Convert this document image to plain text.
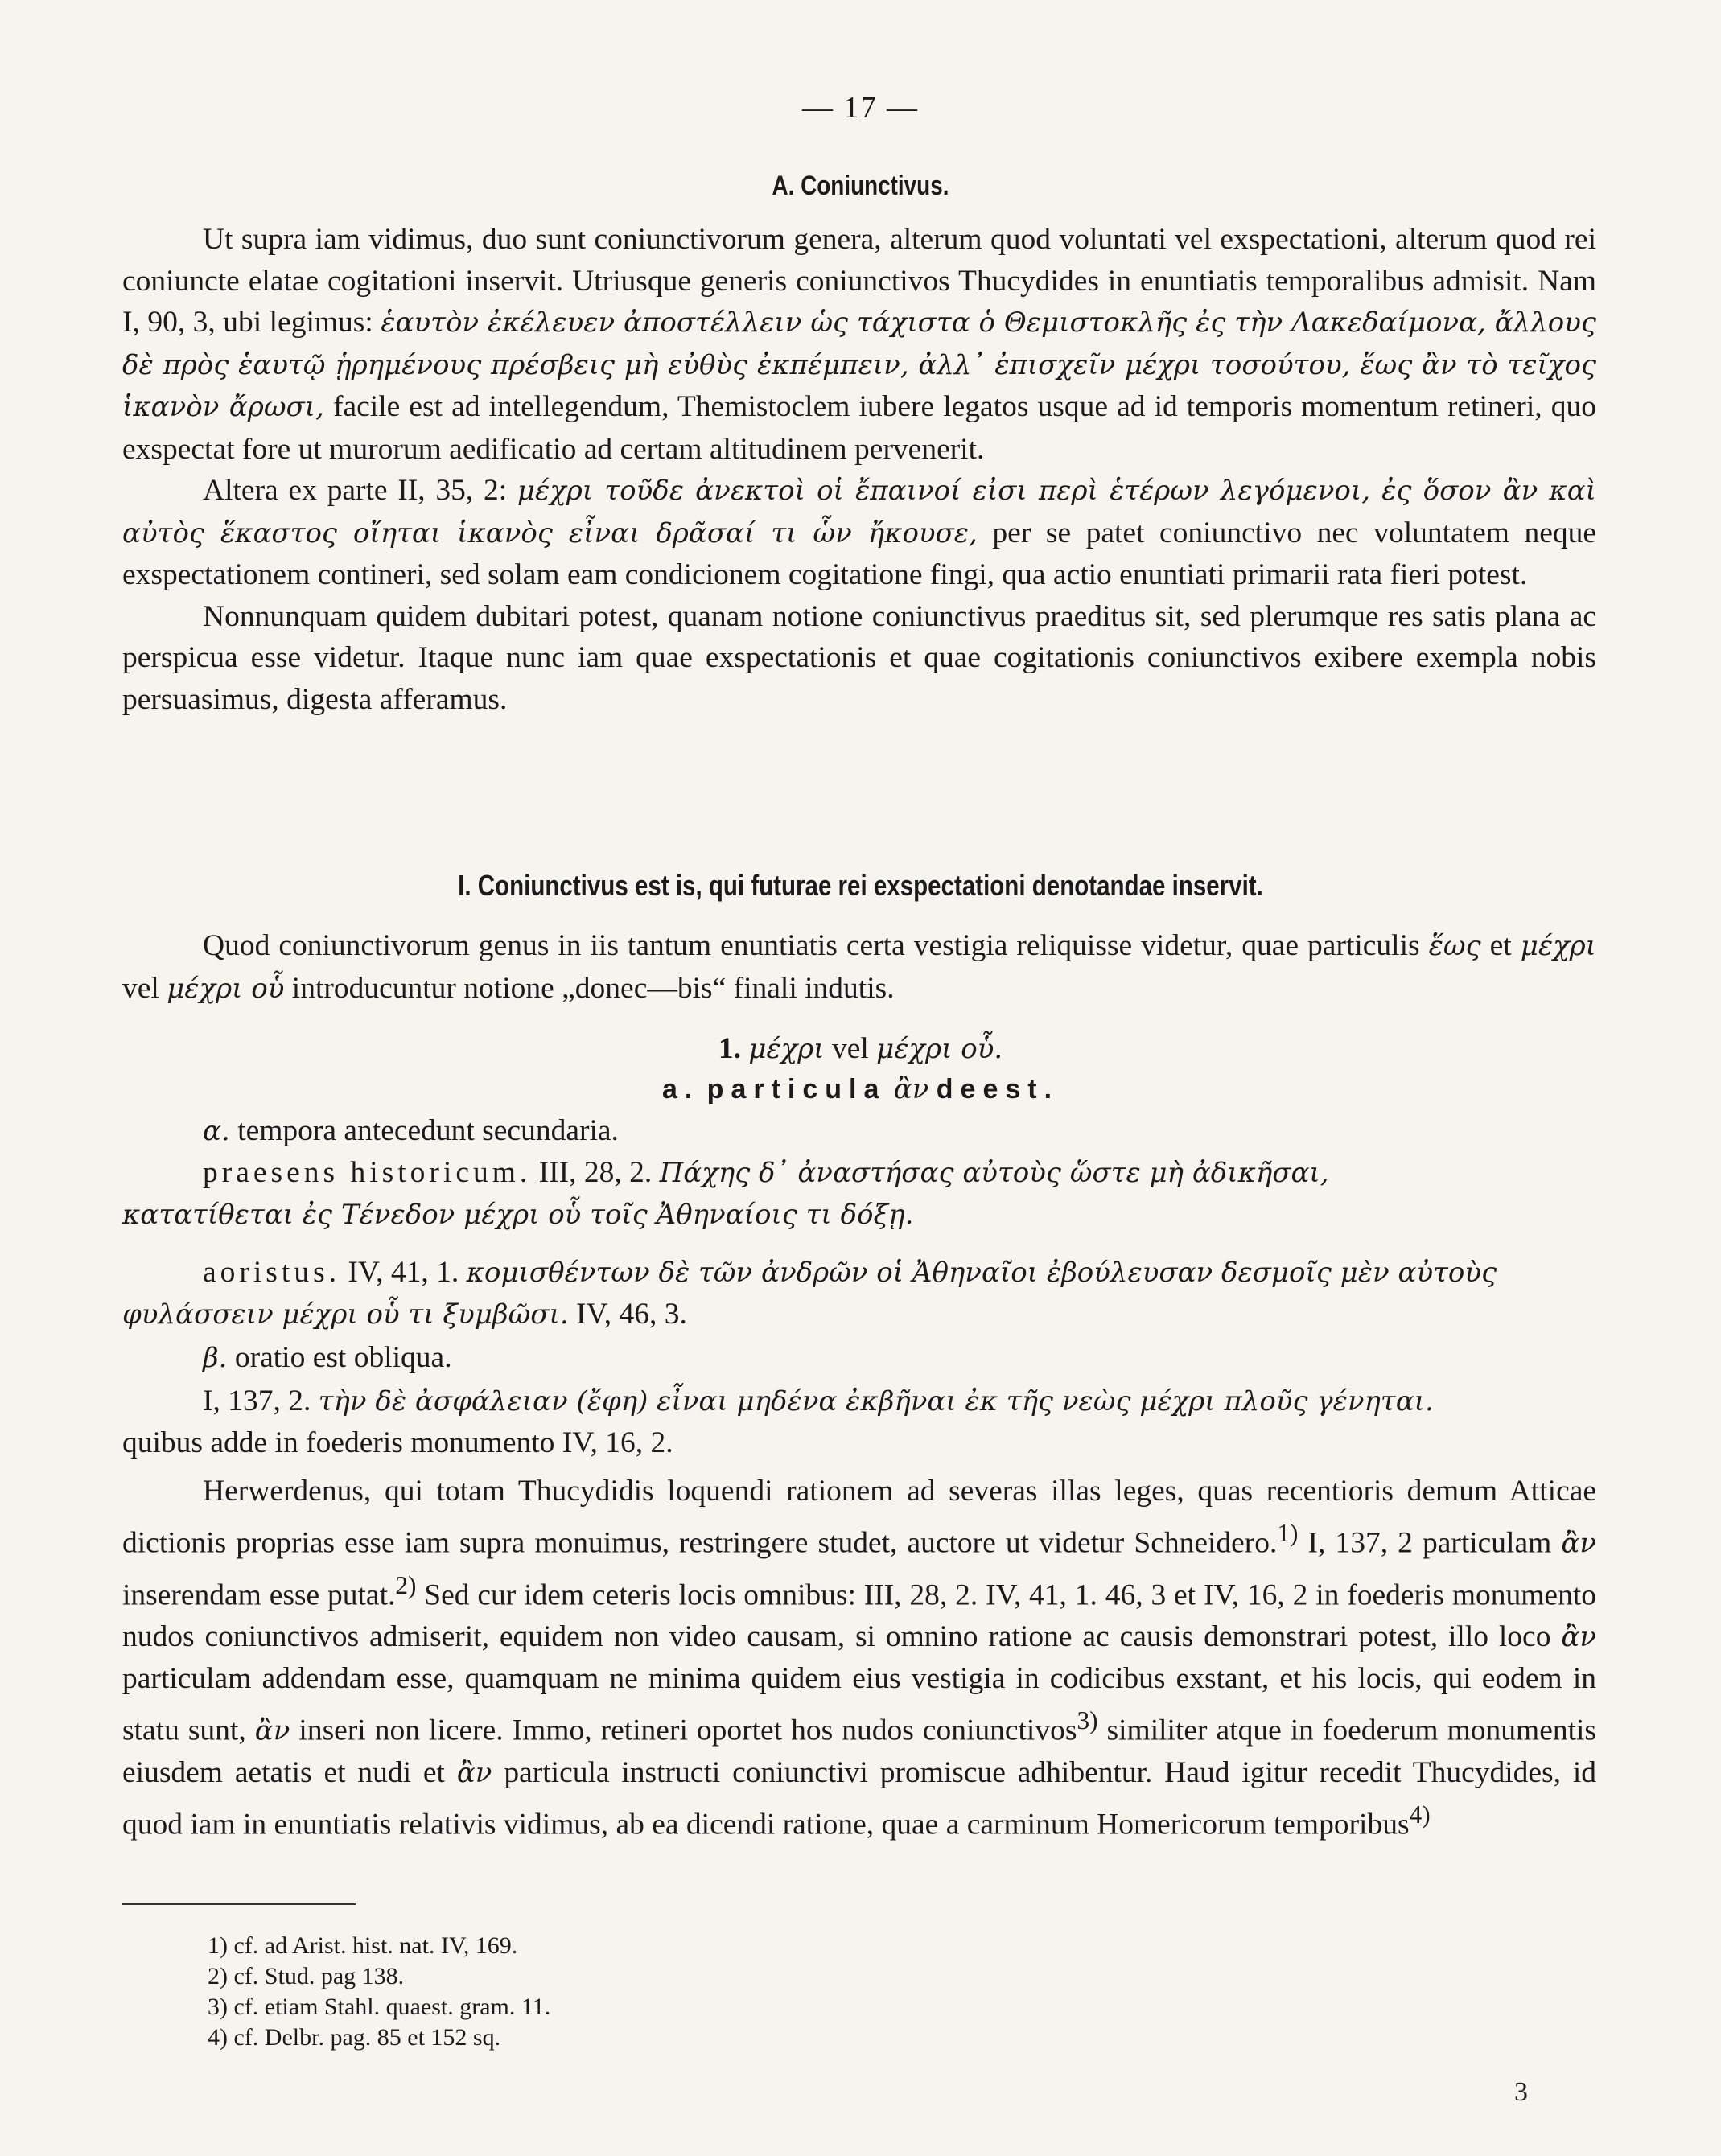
— 17 —
A. Coniunctivus.

Ut supra iam vidimus, duo sunt coniunctivorum genera, alterum quod voluntati vel exspectationi, alterum quod rei coniuncte elatae cogitationi inservit. Utriusque generis coniunctivos Thucydides in enuntiatis temporalibus admisit. Nam I, 90, 3, ubi legimus: ἑαυτὸν ἐκέλευεν ἀποστέλλειν ὡς τάχιστα ὁ Θεμιστοκλῆς ἐς τὴν Λακεδαίμονα, ἄλλους δὲ πρὸς ἑαυτῷ ᾑρημένους πρέσβεις μὴ εὐθὺς ἐκπέμπειν, ἀλλ᾽ ἐπισχεῖν μέχρι τοσούτου, ἕως ἂν τὸ τεῖχος ἱκανὸν ἄρωσι, facile est ad intellegendum, Themistoclem iubere legatos usque ad id temporis momentum retineri, quo exspectat fore ut murorum aedificatio ad certam altitudinem pervenerit.

Altera ex parte II, 35, 2: μέχρι τοῦδε ἀνεκτοὶ οἱ ἔπαινοί εἰσι περὶ ἑτέρων λεγόμενοι, ἐς ὅσον ἂν καὶ αὐτὸς ἕκαστος οἴηται ἱκανὸς εἶναι δρᾶσαί τι ὧν ἤκουσε, per se patet coniunctivo nec voluntatem neque exspectationem contineri, sed solam eam condicionem cogitatione fingi, qua actio enuntiati primarii rata fieri potest.

Nonnunquam quidem dubitari potest, quanam notione coniunctivus praeditus sit, sed plerumque res satis plana ac perspicua esse videtur. Itaque nunc iam quae exspectationis et quae cogitationis coniunctivos exibere exempla nobis persuasimus, digesta afferamus.

I. Coniunctivus est is, qui futurae rei exspectationi denotandae inservit.

Quod coniunctivorum genus in iis tantum enuntiatis certa vestigia reliquisse videtur, quae particulis ἕως et μέχρι vel μέχρι οὗ introducuntur notione „donec—bis“ finali indutis.

1. μέχρι vel μέχρι οὗ.
a. particula ἂν deest.
α. tempora antecedunt secundaria.
praesens historicum. III, 28, 2. Πάχης δ᾽ ἀναστήσας αὐτοὺς ὥστε μὴ ἀδικῆσαι,
κατατίθεται ἐς Τένεδον μέχρι οὗ τοῖς Ἀθηναίοις τι δόξῃ.
aoristus. IV, 41, 1. κομισθέντων δὲ τῶν ἀνδρῶν οἱ Ἀθηναῖοι ἐβούλευσαν δεσμοῖς μὲν αὐτοὺς
φυλάσσειν μέχρι οὗ τι ξυμβῶσι. IV, 46, 3.
β. oratio est obliqua.
I, 137, 2. τὴν δὲ ἀσφάλειαν (ἔφη) εἶναι μηδένα ἐκβῆναι ἐκ τῆς νεὼς μέχρι πλοῦς γένηται.
quibus adde in foederis monumento IV, 16, 2.

Herwerdenus, qui totam Thucydidis loquendi rationem ad severas illas leges, quas recentioris demum Atticae dictionis proprias esse iam supra monuimus, restringere studet, auctore ut videtur Schneidero.$^{1)}$ I, 137, 2 particulam ἂν inserendam esse putat.$^{2)}$ Sed cur idem ceteris locis omnibus: III, 28, 2. IV, 41, 1. 46, 3 et IV, 16, 2 in foederis monumento nudos coniunctivos admiserit, equidem non video causam, si omnino ratione ac causis demonstrari potest, illo loco ἂν particulam addendam esse, quamquam ne minima quidem eius vestigia in codicibus exstant, et his locis, qui eodem in statu sunt, ἂν inseri non licere. Immo, retineri oportet hos nudos coniunctivos$^{3)}$ similiter atque in foederum monumentis eiusdem aetatis et nudi et ἂν particula instructi coniunctivi promiscue adhibentur. Haud igitur recedit Thucydides, id quod iam in enuntiatis relativis vidimus, ab ea dicendi ratione, quae a carminum Homericorum temporibus$^{4)}$

1) cf. ad Arist. hist. nat. IV, 169.
2) cf. Stud. pag 138.
3) cf. etiam Stahl. quaest. gram. 11.
4) cf. Delbr. pag. 85 et 152 sq.
3
